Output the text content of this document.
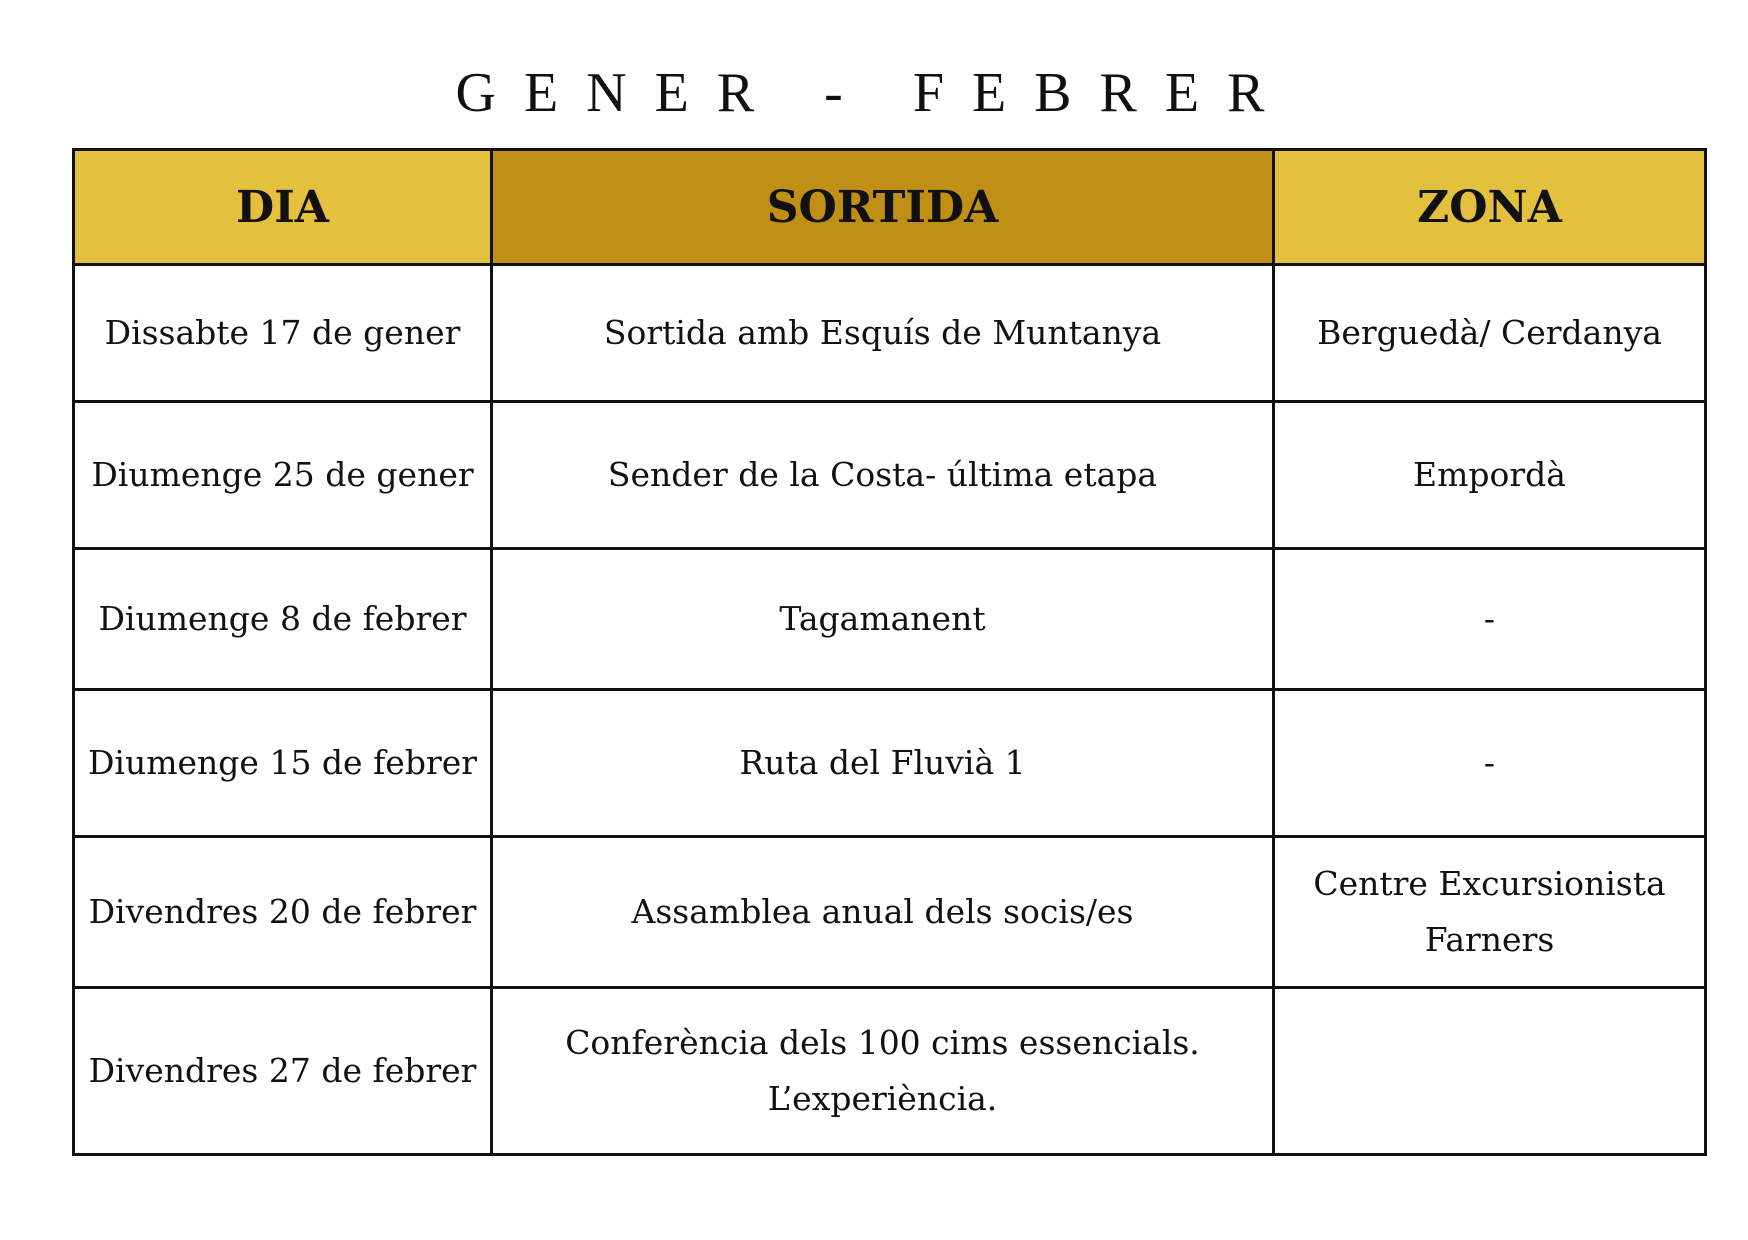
GENER - FEBRER
DIA	SORTIDA	ZONA
Dissabte 17 de gener	Sortida amb Esquís de Muntanya	Berguedà/ Cerdanya
Diumenge 25 de gener	Sender de la Costa- última etapa	Empordà
Diumenge 8 de febrer	Tagamanent	-
Diumenge 15 de febrer	Ruta del Fluvià 1	-
Divendres 20 de febrer	Assamblea anual dels socis/es	Centre Excursionista Farners
Divendres 27 de febrer	Conferència dels 100 cims essencials. L’experiència.	
